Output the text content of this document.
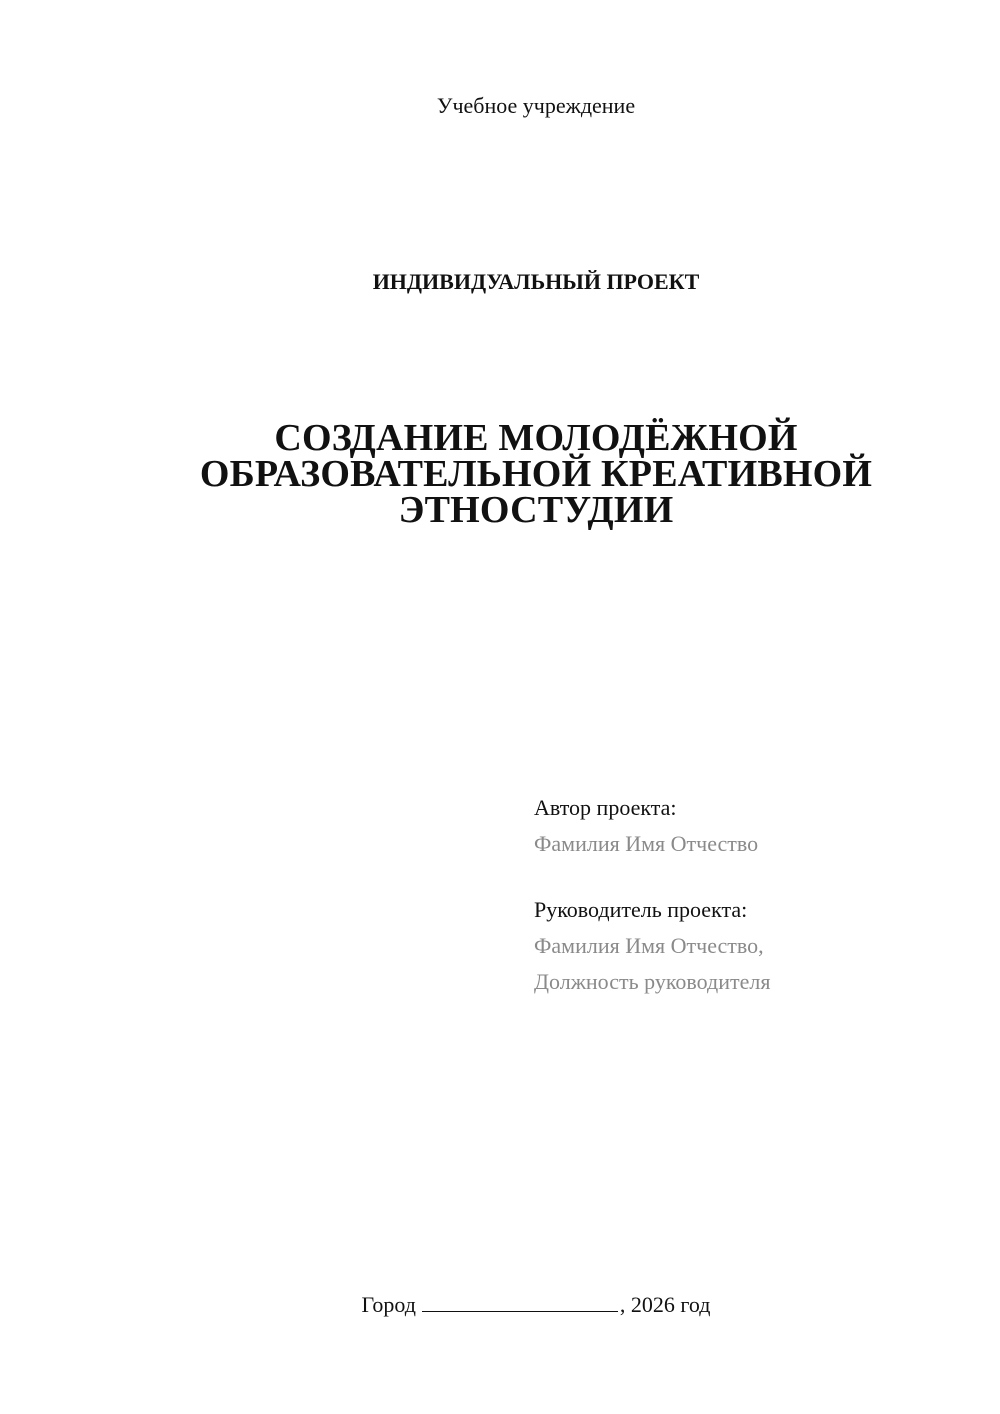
Учебное учреждение
ИНДИВИДУАЛЬНЫЙ ПРОЕКТ
СОЗДАНИЕ МОЛОДЁЖНОЙ
ОБРАЗОВАТЕЛЬНОЙ КРЕАТИВНОЙ
ЭТНОСТУДИИ
Автор проекта:
Фамилия Имя Отчество
Руководитель проекта:
Фамилия Имя Отчество,
Должность руководителя
Город	, 2026 год
